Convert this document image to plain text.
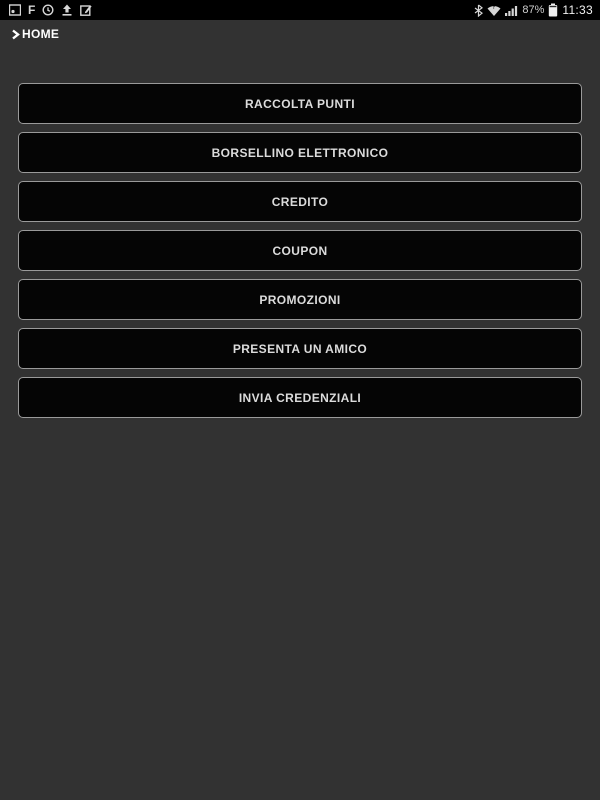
F	? 87% 11:33
HOME
RACCOLTA PUNTI
BORSELLINO ELETTRONICO
CREDITO
COUPON
PROMOZIONI
PRESENTA UN AMICO
INVIA CREDENZIALI
